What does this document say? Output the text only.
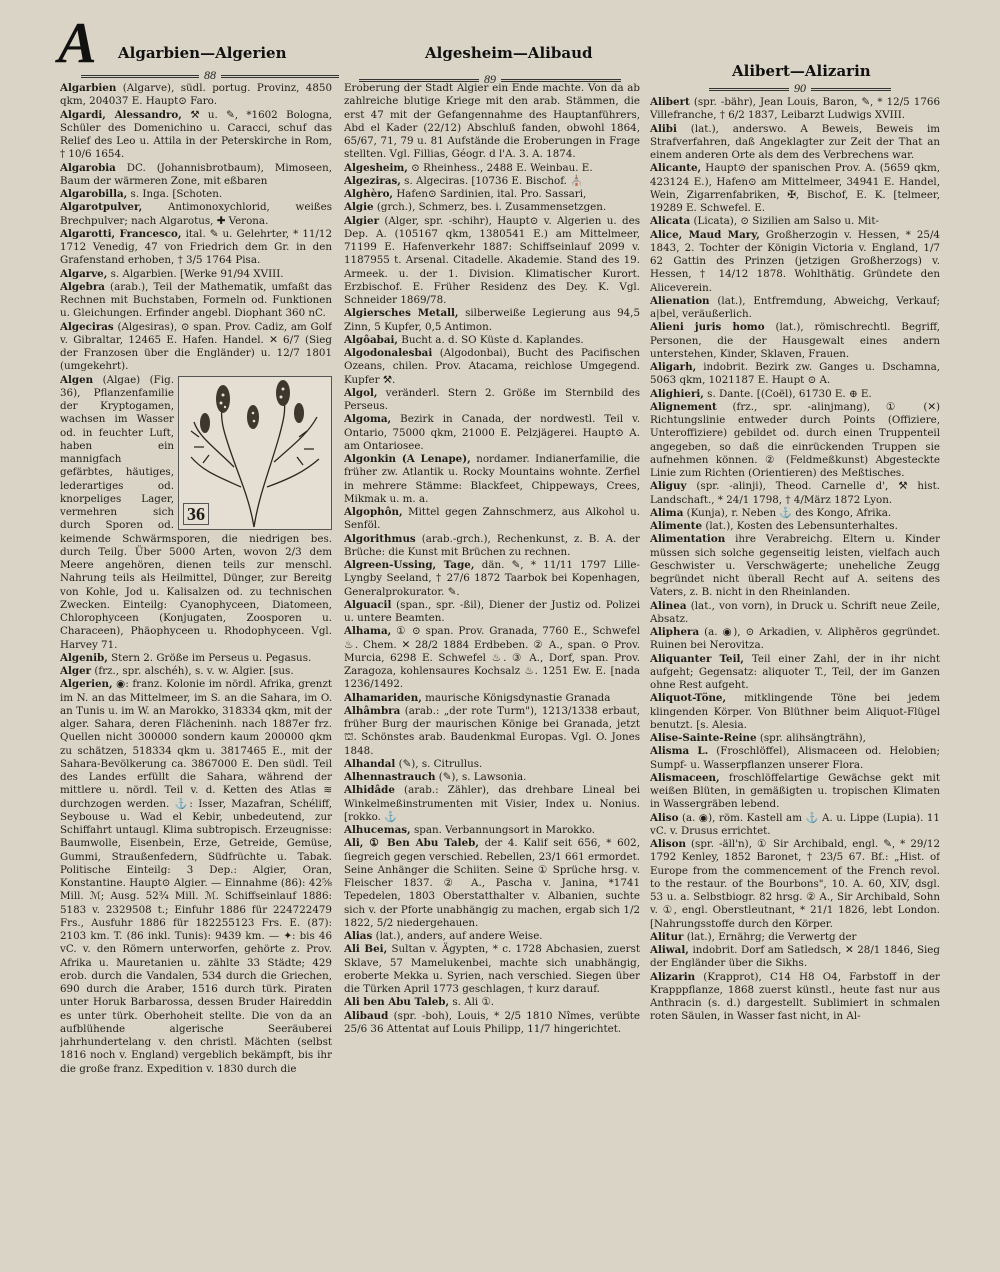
A Algarbien—Algerien	Algesheim—Alibaud
Alibert—Alizarin
88	89
90

Algarbien (Algarve), südl. portug. Provinz, 4850 qkm, 204037 E. Haupt⊙ Faro.

Algardi, Alessandro, ⚒ u. ✎, *1602 Bologna, Schüler des Domenichino u. Caracci, schuf das Relief des Leo u. Attila in der Peterskirche in Rom, † 10/6 1654.

Algarobia DC. (Johannisbrotbaum), Mimoseen, Baum der wärmeren Zone, mit eßbaren

Algarobilla, s. Inga. [Schoten.

Algarotpulver, Antimonoxychlorid, weißes Brechpulver; nach Algarotus, ✚ Verona.

Algarotti, Francesco, ital. ✎ u. Gelehrter, * 11/12 1712 Venedig, 47 von Friedrich dem Gr. in den Grafenstand erhoben, † 3/5 1764 Pisa.

Algarve, s. Algarbien. [Werke 91/94 XVIII.

Algebra (arab.), Teil der Mathematik, umfaßt das Rechnen mit Buchstaben, Formeln od. Funktionen u. Gleichungen. Erfinder angebl. Diophant 360 nC.

Algeciras (Algesiras), ⊙ span. Prov. Cadiz, am Golf v. Gibraltar, 12465 E. Hafen. Handel. ✕ 6/7 (Sieg der Franzosen über die Engländer) u. 12/7 1801 (umgekehrt).

36
Algen (Algae) (Fig. 36), Pflanzenfamilie der Kryptogamen, wachsen im Wasser od. in feuchter Luft, haben ein mannigfach gefärbtes, häutiges, lederartiges od. knorpeliges Lager, vermehren sich durch Sporen od. keimende Schwärmsporen, die niedrigen bes. durch Teilg. Über 5000 Arten, wovon 2/3 dem Meere angehören, dienen teils zur menschl. Nahrung teils als Heilmittel, Dünger, zur Bereitg von Kohle, Jod u. Kalisalzen od. zu technischen Zwecken. Einteilg: Cyanophyceen, Diatomeen, Chlorophyceen (Konjugaten, Zoosporen u. Characeen), Phäophyceen u. Rhodophyceen. Vgl. Harvey 71.

Algenib, Stern 2. Größe im Perseus u. Pegasus.

Alger (frz., spr. alschéh), s. v. w. Algier. [sus.

Algerien, ◉: franz. Kolonie im nördl. Afrika, grenzt im N. an das Mittelmeer, im S. an die Sahara, im O. an Tunis u. im W. an Marokko, 318334 qkm, mit der alger. Sahara, deren Flächeninh. nach 1887er frz. Quellen nicht 300000 sondern kaum 200000 qkm zu schätzen, 518334 qkm u. 3817465 E., mit der Sahara-Bevölkerung ca. 3867000 E. Den südl. Teil des Landes erfüllt die Sahara, während der mittlere u. nördl. Teil v. d. Ketten des Atlas ≋ durchzogen werden. ⚓: Isser, Mazafran, Schéliff, Seybouse u. Wad el Kebir, unbedeutend, zur Schiffahrt untaugl. Klima subtropisch. Erzeugnisse: Baumwolle, Eisenbein, Erze, Getreide, Gemüse, Gummi, Straußenfedern, Südfrüchte u. Tabak. Politische Einteilg: 3 Dep.: Algier, Oran, Konstantine. Haupt⊙ Algier. — Einnahme (86): 42⅝ Mill. ℳ; Ausg. 52¾ Mill. ℳ. Schiffseinlauf 1886: 5183 v. 2329508 t.; Einfuhr 1886 für 224722479 Frs., Ausfuhr 1886 für 182255123 Frs. E. (87): 2103 km. T. (86 inkl. Tunis): 9439 km. — ✦: bis 46 vC. v. den Römern unterworfen, gehörte z. Prov. Afrika u. Mauretanien u. zählte 33 Städte; 429 erob. durch die Vandalen, 534 durch die Griechen, 690 durch die Araber, 1516 durch türk. Piraten unter Horuk Barbarossa, dessen Bruder Haireddin es unter türk. Oberhoheit stellte. Die von da an aufblühende algerische Seeräuberei jahrhundertelang v. den christl. Mächten (selbst 1816 noch v. England) vergeblich bekämpft, bis ihr die große franz. Expedition v. 1830 durch die

Eroberung der Stadt Algier ein Ende machte. Von da ab zahlreiche blutige Kriege mit den arab. Stämmen, die erst 47 mit der Gefangennahme des Hauptanführers, Abd el Kader (22/12) Abschluß fanden, obwohl 1864, 65/67, 71, 79 u. 81 Aufstände die Eroberungen in Frage stellten. Vgl. Fillias, Géogr. d l'A. 3. A. 1874.

Algesheim, ⊙ Rheinhess., 2488 E. Weinbau. E.

Algeziras, s. Algeciras. [10736 E. Bischof. ⛪

Alghèro, Hafen⊙ Sardinien, ital. Pro. Sassari,

Algie (grch.), Schmerz, bes. i. Zusammensetzgen.

Algier (Alger, spr. -schihr), Haupt⊙ v. Algerien u. des Dep. A. (105167 qkm, 1380541 E.) am Mittelmeer, 71199 E. Hafenverkehr 1887: Schiffseinlauf 2099 v. 1187955 t. Arsenal. Citadelle. Akademie. Stand des 19. Armeek. u. der 1. Division. Klimatischer Kurort. Erzbischof. E. Früher Residenz des Dey. K. Vgl. Schneider 1869/78.

Algiersches Metall, silberweiße Legierung aus 94,5 Zinn, 5 Kupfer, 0,5 Antimon.

Algôabai, Bucht a. d. SO Küste d. Kaplandes.

Algodonalesbai (Algodonbai), Bucht des Pacifischen Ozeans, chilen. Prov. Atacama, reichlose Umgegend. Kupfer ⚒.

Algol, veränderl. Stern 2. Größe im Sternbild des Perseus.

Algoma, Bezirk in Canada, der nordwestl. Teil v. Ontario, 75000 qkm, 21000 E. Pelzjägerei. Haupt⊙ A. am Ontariosee.

Algonkin (A Lenape), nordamer. Indianerfamilie, die früher zw. Atlantik u. Rocky Mountains wohnte. Zerfiel in mehrere Stämme: Blackfeet, Chippeways, Crees, Mikmak u. m. a.

Algophôn, Mittel gegen Zahnschmerz, aus Alkohol u. Senföl.

Algorithmus (arab.-grch.), Rechenkunst, z. B. A. der Brüche: die Kunst mit Brüchen zu rechnen.

Algreen-Ussing, Tage, dän. ✎, * 11/11 1797 Lille-Lyngby Seeland, † 27/6 1872 Taarbok bei Kopenhagen, Generalprokurator. ✎.

Alguacil (span., spr. -ßil), Diener der Justiz od. Polizei u. untere Beamten.

Alhama, ① ⊙ span. Prov. Granada, 7760 E., Schwefel ♨. Chem. ✕ 28/2 1884 Erdbeben. ② A., span. ⊙ Prov. Murcia, 6298 E. Schwefel ♨. ③ A., Dorf, span. Prov. Zaragoza, kohlensaures Kochsalz ♨. 1251 Ew. E. [nada 1236/1492.

Alhamariden, maurische Königsdynastie Granada

Alhâmbra (arab.: „der rote Turm"), 1213/1338 erbaut, früher Burg der maurischen Könige bei Granada, jetzt ⛫. Schönstes arab. Baudenkmal Europas. Vgl. O. Jones 1848.

Alhandal (✎), s. Citrullus.

Alhennastrauch (✎), s. Lawsonia.

Alhidâde (arab.: Zähler), das drehbare Lineal bei Winkelmeßinstrumenten mit Visier, Index u. Nonius. [rokko. ⚓

Alhucemas, span. Verbannungsort in Marokko.

Ali, ① Ben Abu Taleb, der 4. Kalif seit 656, * 602, ſiegreich gegen verschied. Rebellen, 23/1 661 ermordet. Seine Anhänger die Schiiten. Seine ① Sprüche hrsg. v. Fleischer 1837. ② A., Pascha v. Janina, *1741 Tepedelen, 1803 Oberstatthalter v. Albanien, suchte sich v. der Pforte unabhängig zu machen, ergab sich 1/2 1822, 5/2 niedergehauen.

Alias (lat.), anders, auf andere Weise.

Ali Bei, Sultan v. Ägypten, * c. 1728 Abchasien, zuerst Sklave, 57 Mamelukenbei, machte sich unabhängig, eroberte Mekka u. Syrien, nach verschied. Siegen über die Türken April 1773 geschlagen, † kurz darauf.

Ali ben Abu Taleb, s. Ali ①.

Alibaud (spr. -boh), Louis, * 2/5 1810 Nîmes, verübte 25/6 36 Attentat auf Louis Philipp, 11/7 hingerichtet.

Alibert (spr. -bähr), Jean Louis, Baron, ✎, * 12/5 1766 Villefranche, † 6/2 1837, Leibarzt Ludwigs XVIII.

Alibi (lat.), anderswo. A Beweis, Beweis im Strafverfahren, daß Angeklagter zur Zeit der That an einem anderen Orte als dem des Verbrechens war.

Alicante, Haupt⊙ der spanischen Prov. A. (5659 qkm, 423124 E.), Hafen⊙ am Mittelmeer, 34941 E. Handel, Wein, Zigarrenfabriken, ✠, Bischof, E. K. [telmeer, 19289 E. Schwefel. E.

Alicata (Licata), ⊙ Sizilien am Salso u. Mit-

Alice, Maud Mary, Großherzogin v. Hessen, * 25/4 1843, 2. Tochter der Königin Victoria v. England, 1/7 62 Gattin des Prinzen (jetzigen Großherzogs) v. Hessen, † 14/12 1878. Wohlthätig. Gründete den Aliceverein.

Alienation (lat.), Entfremdung, Abweichg, Verkauf; a|bel, veräußerlich.

Alieni juris homo (lat.), römischrechtl. Begriff, Personen, die der Hausgewalt eines andern unterstehen, Kinder, Sklaven, Frauen.

Aligarh, indobrit. Bezirk zw. Ganges u. Dschamna, 5063 qkm, 1021187 E. Haupt ⊙ A.

Alighieri, s. Dante. [(Coël), 61730 E. ⊕ E.

Alignement (frz., spr. -alinjmang), ① (✕) Richtungslinie entweder durch Points (Offiziere, Unteroffiziere) gebildet od. durch einen Truppenteil angegeben, so daß die einrückenden Truppen sie aufnehmen können. ② (Feldmeßkunst) Abgesteckte Linie zum Richten (Orientieren) des Meßtisches.

Aliguy (spr. -alinji), Theod. Carnelle d', ⚒ hist. Landschaft., * 24/1 1798, † 4/März 1872 Lyon.

Alima (Kunja), r. Neben ⚓ des Kongo, Afrika.

Alimente (lat.), Kosten des Lebensunterhaltes.

Alimentation ihre Verabreichg. Eltern u. Kinder müssen sich solche gegenseitig leisten, vielfach auch Geschwister u. Verschwägerte; uneheliche Zeugg begründet nicht überall Recht auf A. seitens des Vaters, z. B. nicht in den Rheinlanden.

Alinea (lat., von vorn), in Druck u. Schrift neue Zeile, Absatz.

Aliphera (a. ◉), ⊙ Arkadien, v. Aliphēros gegründet. Ruinen bei Nerovitza.

Aliquanter Teil, Teil einer Zahl, der in ihr nicht aufgeht; Gegensatz: aliquoter T., Teil, der im Ganzen ohne Rest aufgeht.

Aliquot-Töne, mitklingende Töne bei jedem klingenden Körper. Von Blüthner beim Aliquot-Flügel benutzt. [s. Alesia.

Alise-Sainte-Reine (spr. alihsängträhn),

Alisma L. (Froschlöffel), Alismaceen od. Helobien; Sumpf- u. Wasserpflanzen unserer Flora.

Alismaceen, froschlöffelartige Gewächse gekt mit weißen Blüten, in gemäßigten u. tropischen Klimaten in Wassergräben lebend.

Aliso (a. ◉), röm. Kastell am ⚓ A. u. Lippe (Lupia). 11 vC. v. Drusus errichtet.

Alison (spr. -äll'n), ① Sir Archibald, engl. ✎, * 29/12 1792 Kenley, 1852 Baronet, † 23/5 67. Bf.: „Hist. of Europe from the commencement of the French revol. to the restaur. of the Bourbons", 10. A. 60, XIV, dsgl. 53 u. a. Selbstbiogr. 82 hrsg. ② A., Sir Archibald, Sohn v. ①, engl. Oberstleutnant, * 21/1 1826, lebt London. [Nahrungsstoffe durch den Körper.

Alitur (lat.), Ernährg; die Verwertg der

Aliwal, indobrit. Dorf am Satledsch, ✕ 28/1 1846, Sieg der Engländer über die Sikhs.

Alizarin (Krapprot), C14 H8 O4, Farbstoff in der Krapppflanze, 1868 zuerst künstl., heute fast nur aus Anthracin (s. d.) dargestellt. Sublimiert in schmalen roten Säulen, in Wasser fast nicht, in Al-
